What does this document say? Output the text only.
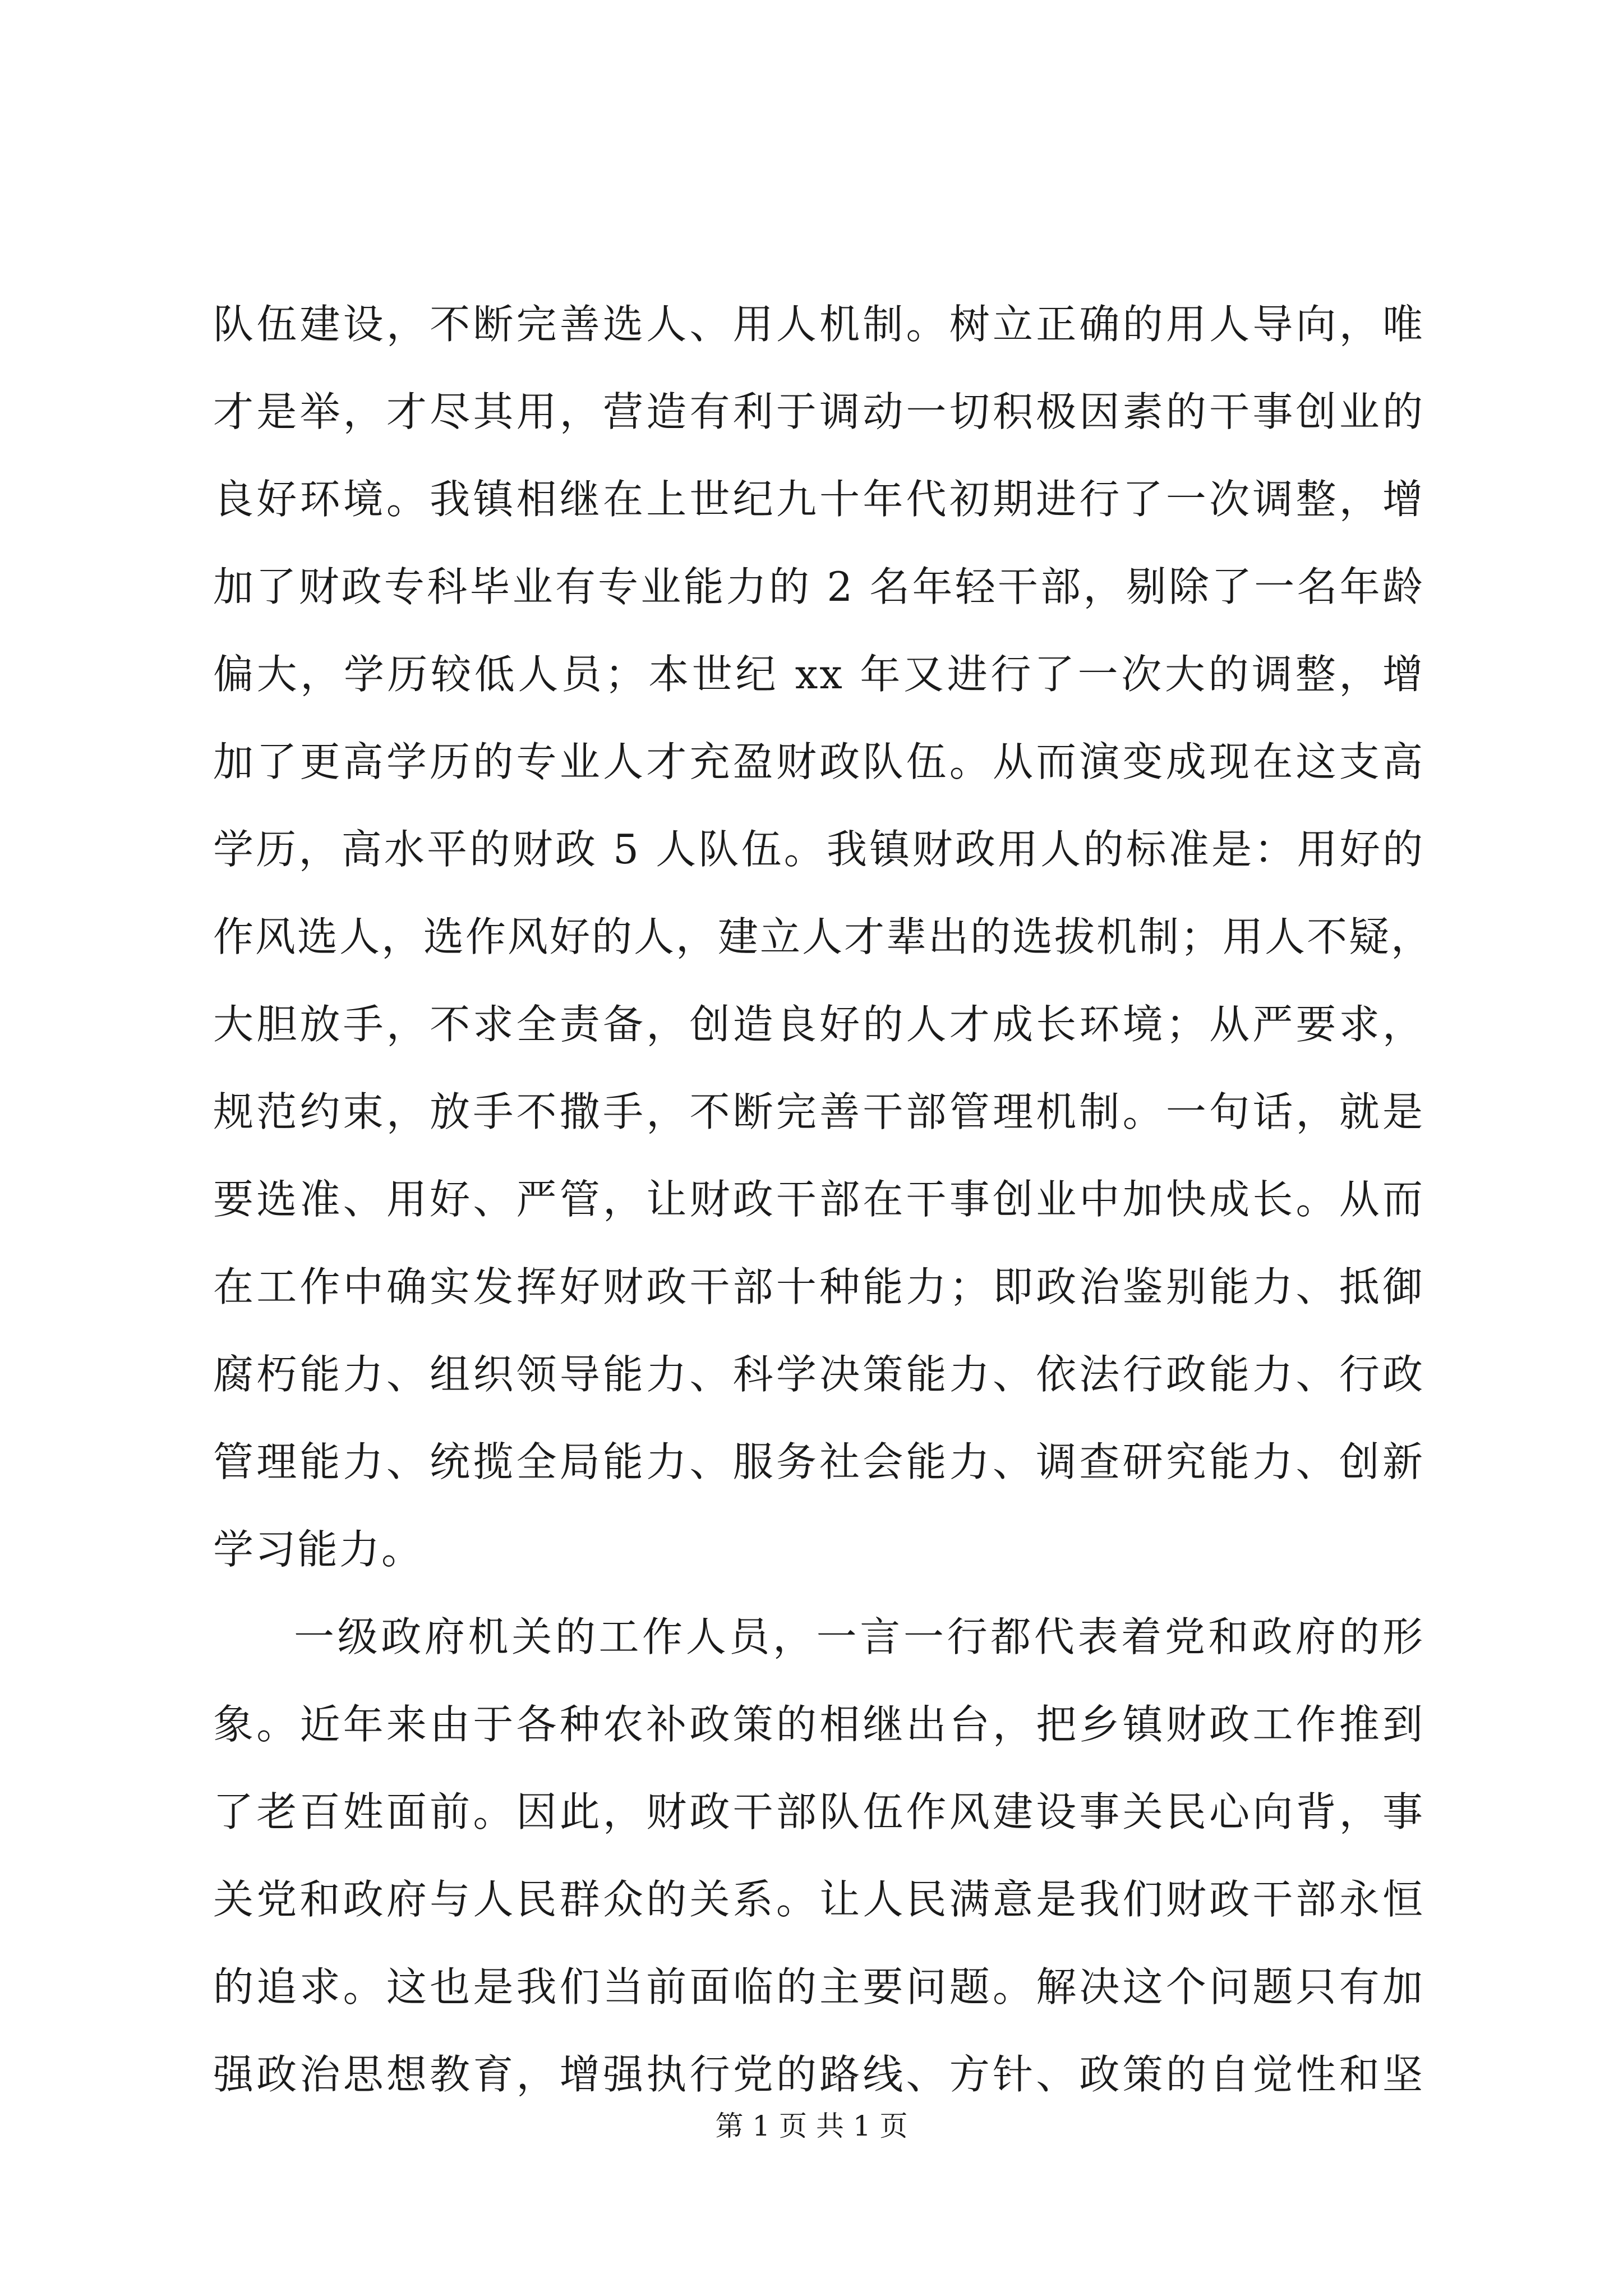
队伍建设，不断完善选人、用人机制。树立正确的用人导向，唯
才是举，才尽其用，营造有利于调动一切积极因素的干事创业的
良好环境。我镇相继在上世纪九十年代初期进行了一次调整，增
加了财政专科毕业有专业能力的 2 名年轻干部，剔除了一名年龄
偏大，学历较低人员；本世纪 xx 年又进行了一次大的调整，增
加了更高学历的专业人才充盈财政队伍。从而演变成现在这支高
学历，高水平的财政 5 人队伍。我镇财政用人的标准是：用好的
作风选人，选作风好的人，建立人才辈出的选拔机制；用人不疑，
大胆放手，不求全责备，创造良好的人才成长环境；从严要求，
规范约束，放手不撒手，不断完善干部管理机制。一句话，就是
要选准、用好、严管，让财政干部在干事创业中加快成长。从而
在工作中确实发挥好财政干部十种能力；即政治鉴别能力、抵御
腐朽能力、组织领导能力、科学决策能力、依法行政能力、行政
管理能力、统揽全局能力、服务社会能力、调查研究能力、创新
学习能力。
一级政府机关的工作人员，一言一行都代表着党和政府的形
象。近年来由于各种农补政策的相继出台，把乡镇财政工作推到
了老百姓面前。因此，财政干部队伍作风建设事关民心向背，事
关党和政府与人民群众的关系。让人民满意是我们财政干部永恒
的追求。这也是我们当前面临的主要问题。解决这个问题只有加
强政治思想教育，增强执行党的路线、方针、政策的自觉性和坚
第 1 页 共 1 页
